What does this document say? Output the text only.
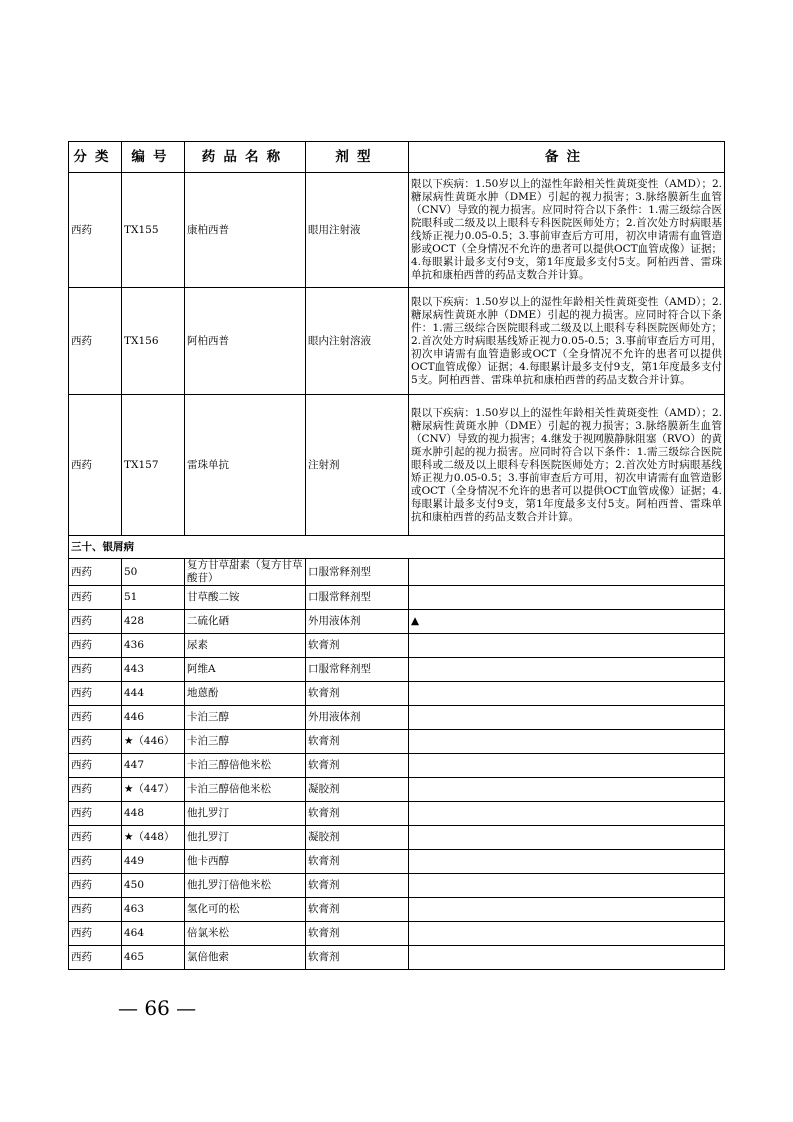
分类	编号	药品名称	剂型	备注
西药	TX155	康柏西普	眼用注射液	限以下疾病：1.50岁以上的湿性年龄相关性黄斑变性（AMD）；2.糖尿病性黄斑水肿（DME）引起的视力损害；3.脉络膜新生血管（CNV）导致的视力损害。应同时符合以下条件：1.需三级综合医院眼科或二级及以上眼科专科医院医师处方；2.首次处方时病眼基线矫正视力0.05-0.5；3.事前审查后方可用，初次申请需有血管造影或OCT（全身情况不允许的患者可以提供OCT血管成像）证据；4.每眼累计最多支付9支，第1年度最多支付5支。阿柏西普、雷珠单抗和康柏西普的药品支数合并计算。
西药	TX156	阿柏西普	眼内注射溶液	限以下疾病：1.50岁以上的湿性年龄相关性黄斑变性（AMD）；2.糖尿病性黄斑水肿（DME）引起的视力损害。应同时符合以下条件：1.需三级综合医院眼科或二级及以上眼科专科医院医师处方；2.首次处方时病眼基线矫正视力0.05-0.5；3.事前审查后方可用，初次申请需有血管造影或OCT（全身情况不允许的患者可以提供OCT血管成像）证据；4.每眼累计最多支付9支，第1年度最多支付5支。阿柏西普、雷珠单抗和康柏西普的药品支数合并计算。
西药	TX157	雷珠单抗	注射剂	限以下疾病：1.50岁以上的湿性年龄相关性黄斑变性（AMD）；2.糖尿病性黄斑水肿（DME）引起的视力损害；3.脉络膜新生血管（CNV）导致的视力损害；4.继发于视网膜静脉阻塞（RVO）的黄斑水肿引起的视力损害。应同时符合以下条件：1.需三级综合医院眼科或二级及以上眼科专科医院医师处方；2.首次处方时病眼基线矫正视力0.05-0.5；3.事前审查后方可用，初次申请需有血管造影或OCT（全身情况不允许的患者可以提供OCT血管成像）证据；4.每眼累计最多支付9支，第1年度最多支付5支。阿柏西普、雷珠单抗和康柏西普的药品支数合并计算。
三十、银屑病				
西药	50	复方甘草甜素（复方甘草酸苷）	口服常释剂型	
西药	51	甘草酸二铵	口服常释剂型	
西药	428	二硫化硒	外用液体剂	▲
西药	436	尿素	软膏剂	
西药	443	阿维A	口服常释剂型	
西药	444	地蒽酚	软膏剂	
西药	446	卡泊三醇	外用液体剂	
西药	★（446）	卡泊三醇	软膏剂	
西药	447	卡泊三醇倍他米松	软膏剂	
西药	★（447）	卡泊三醇倍他米松	凝胶剂	
西药	448	他扎罗汀	软膏剂	
西药	★（448）	他扎罗汀	凝胶剂	
西药	449	他卡西醇	软膏剂	
西药	450	他扎罗汀倍他米松	软膏剂	
西药	463	氢化可的松	软膏剂	
西药	464	倍氯米松	软膏剂	
西药	465	氯倍他索	软膏剂	
— 66 —
